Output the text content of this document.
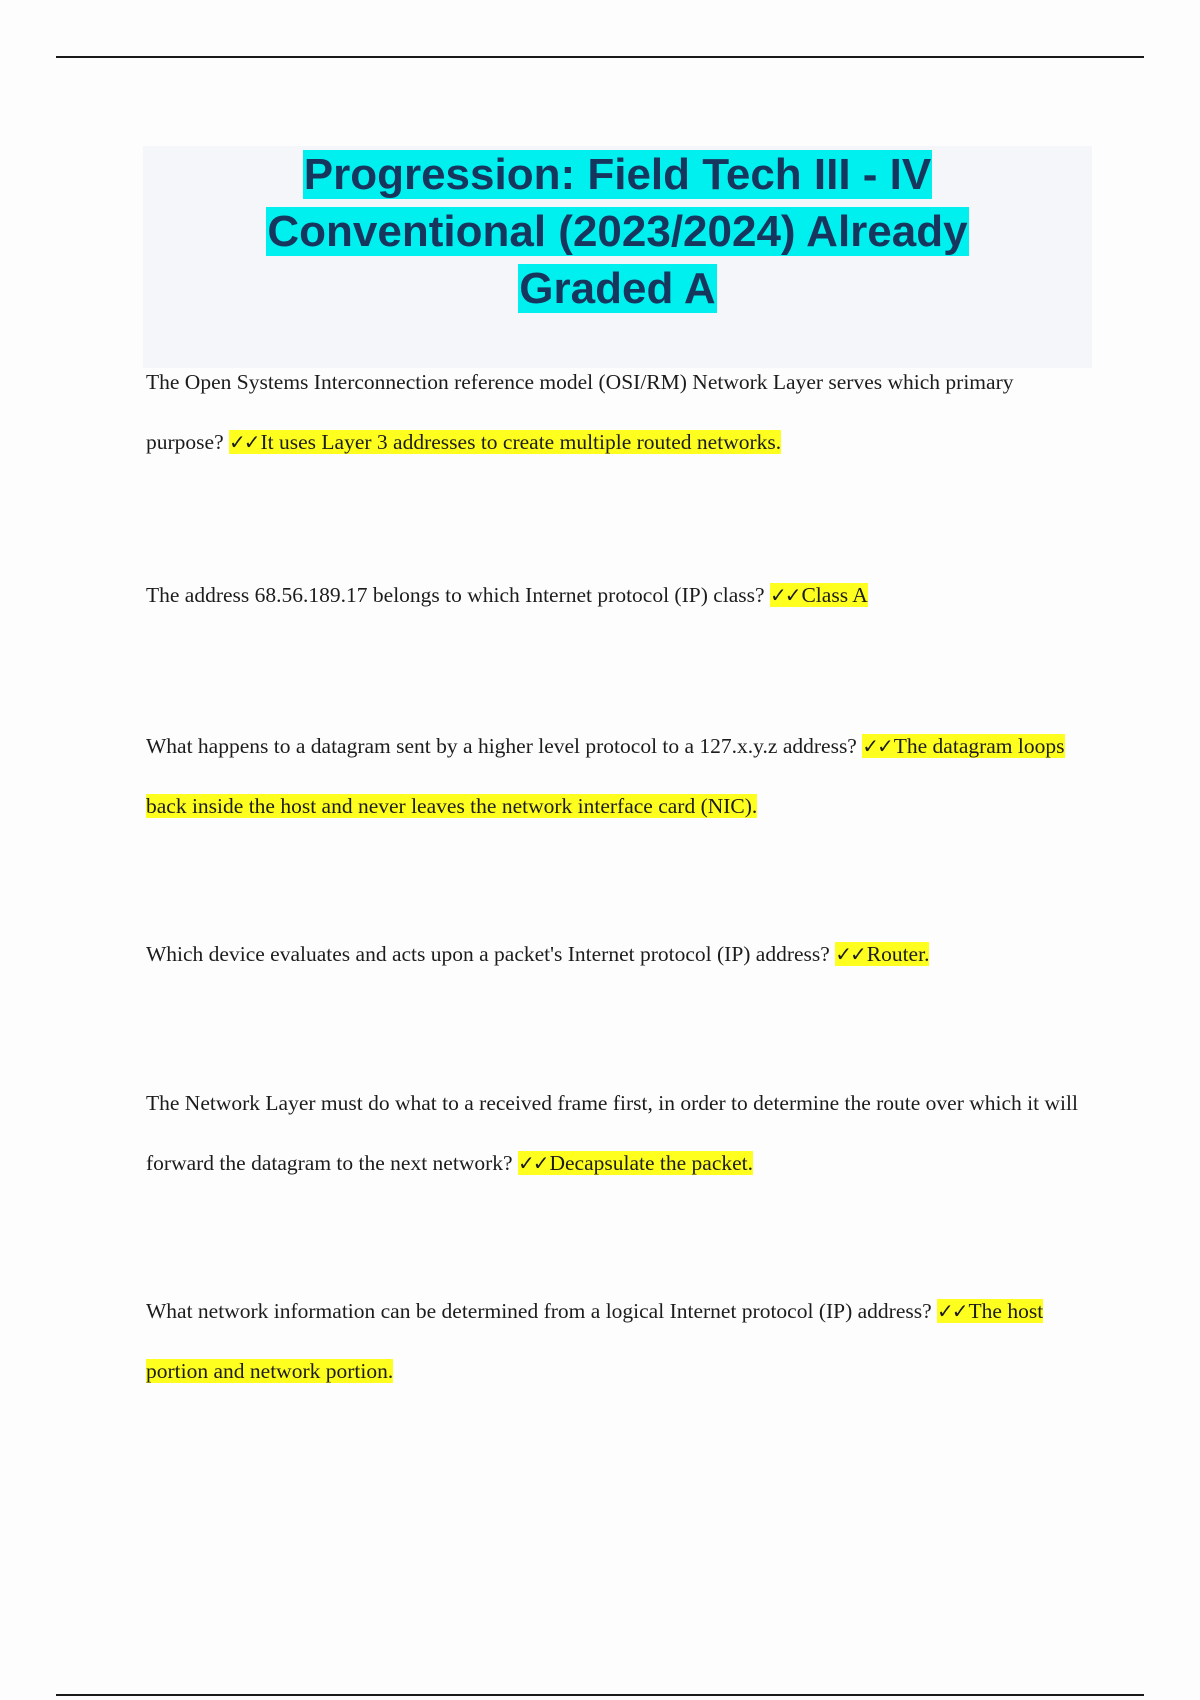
Progression: Field Tech III - IV
Conventional (2023/2024) Already
Graded A

The Open Systems Interconnection reference model (OSI/RM) Network Layer serves which primary purpose? ✓✓It uses Layer 3 addresses to create multiple routed networks.

The address 68.56.189.17 belongs to which Internet protocol (IP) class? ✓✓Class A

What happens to a datagram sent by a higher level protocol to a 127.x.y.z address? ✓✓The datagram loops back inside the host and never leaves the network interface card (NIC).

Which device evaluates and acts upon a packet's Internet protocol (IP) address? ✓✓Router.

The Network Layer must do what to a received frame first, in order to determine the route over which it will forward the datagram to the next network? ✓✓Decapsulate the packet.

What network information can be determined from a logical Internet protocol (IP) address? ✓✓The host portion and network portion.
